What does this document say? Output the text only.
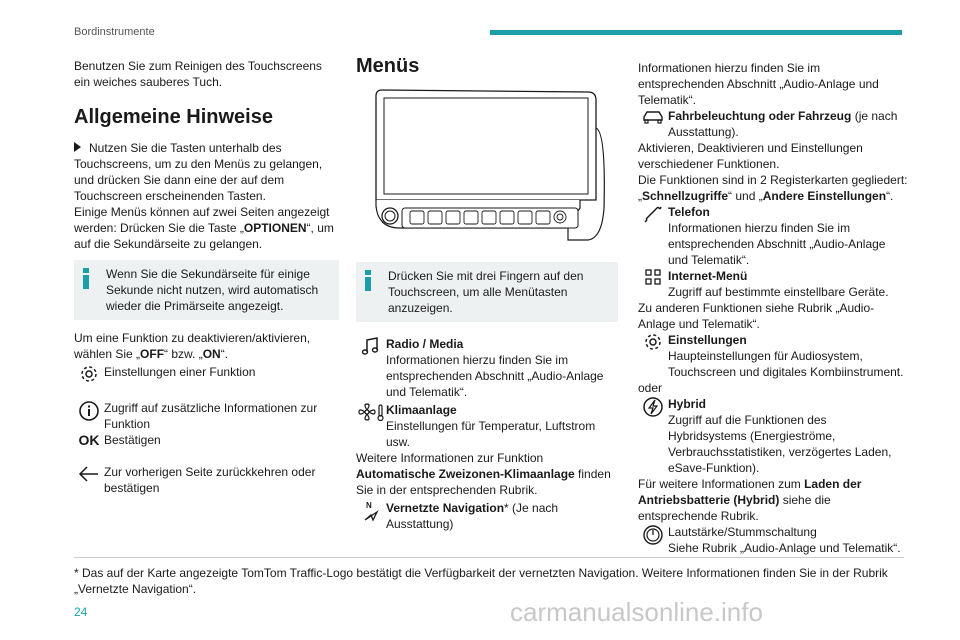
Bordinstrumente

Benutzen Sie zum Reinigen des Touchscreens ein weiches sauberes Tuch.

Allgemeine Hinweise

Nutzen Sie die Tasten unterhalb des Touchscreens, um zu den Menüs zu gelangen, und drücken Sie dann eine der auf dem Touchscreen erscheinenden Tasten.

Einige Menüs können auf zwei Seiten angezeigt werden: Drücken Sie die Taste „OPTIONEN“, um auf die Sekundärseite zu gelangen.

Wenn Sie die Sekundärseite für einige Sekunde nicht nutzen, wird automatisch wieder die Primärseite angezeigt.

Um eine Funktion zu deaktivieren/aktivieren, wählen Sie „OFF“ bzw. „ON“.

Einstellungen einer Funktion
Zugriff auf zusätzliche Informationen zur Funktion
OK Bestätigen
Zur vorherigen Seite zurückkehren oder bestätigen
Menüs
Drücken Sie mit drei Fingern auf den Touchscreen, um alle Menütasten anzuzeigen.
Radio / Media
Informationen hierzu finden Sie im entsprechenden Abschnitt „Audio-Anlage und Telematik“.
Klimaanlage
Einstellungen für Temperatur, Luftstrom usw.

Weitere Informationen zur Funktion Automatische Zweizonen-Klimaanlage finden Sie in der entsprechenden Rubrik.

N Vernetzte Navigation* (Je nach Ausstattung)

Informationen hierzu finden Sie im entsprechenden Abschnitt „Audio-Anlage und Telematik“.

Fahrbeleuchtung oder Fahrzeug (je nach Ausstattung).

Aktivieren, Deaktivieren und Einstellungen verschiedener Funktionen.

Die Funktionen sind in 2 Registerkarten gegliedert: „Schnellzugriffe“ und „Andere Einstellungen“.

Telefon
Informationen hierzu finden Sie im entsprechenden Abschnitt „Audio-Anlage und Telematik“.
Internet-Menü
Zugriff auf bestimmte einstellbare Geräte.

Zu anderen Funktionen siehe Rubrik „Audio-Anlage und Telematik“.

Einstellungen
Haupteinstellungen für Audiosystem, Touchscreen und digitales Kombiinstrument.

oder

Hybrid
Zugriff auf die Funktionen des Hybridsystems (Energieströme, Verbrauchsstatistiken, verzögertes Laden, eSave-Funktion).

Für weitere Informationen zum Laden der Antriebsbatterie (Hybrid) siehe die entsprechende Rubrik.

Lautstärke/Stummschaltung
Siehe Rubrik „Audio-Anlage und Telematik“.
* Das auf der Karte angezeigte TomTom Traffic-Logo bestätigt die Verfügbarkeit der vernetzten Navigation. Weitere Informationen finden Sie in der Rubrik „Vernetzte Navigation“.
24	carmanualsonline.info
